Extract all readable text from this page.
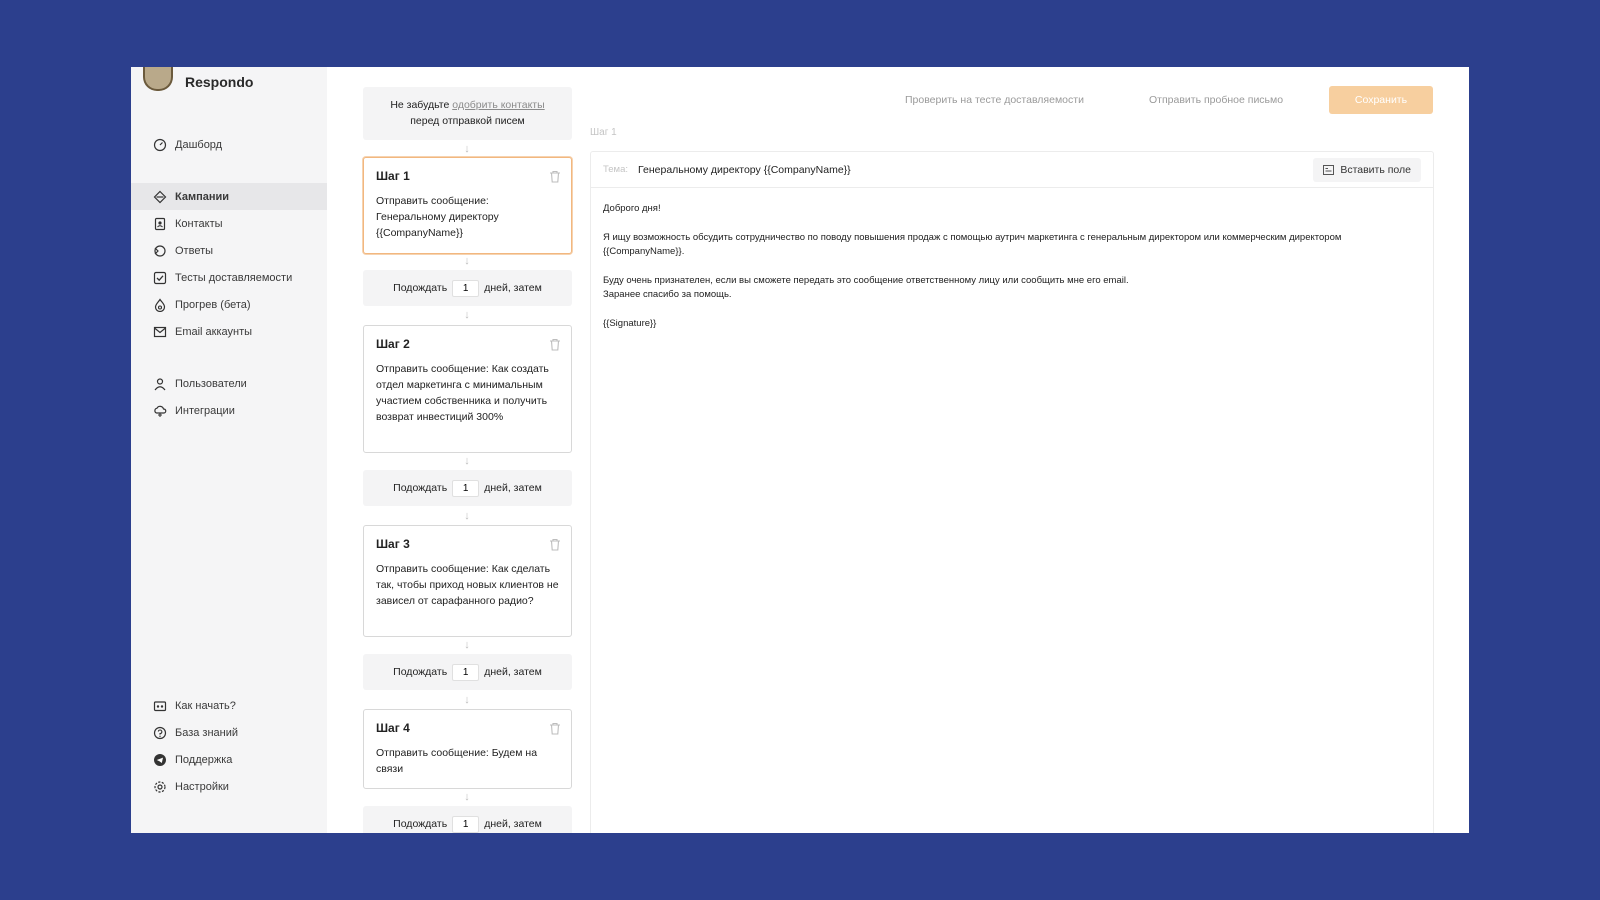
Respondo
Дашборд
Кампании
Контакты
Ответы
Тесты доставляемости
Прогрев (бета)
Email аккаунты
Пользователи
Интеграции
Как начать?
База знаний
Поддержка
Настройки
Не забудьте одобрить контакты
перед отправкой писем
↓
Шаг 1
Отправить сообщение: Генеральному директору {{CompanyName}}
↓
Подождать
1	дней, затем
↓
Шаг 2
Отправить сообщение: Как создать отдел маркетинга с минимальным участием собственника и получить возврат инвестиций 300%
↓
Подождать
1	дней, затем
↓
Шаг 3
Отправить сообщение: Как сделать так, чтобы приход новых клиентов не зависел от сарафанного радио?
↓
Подождать
1	дней, затем
↓
Шаг 4
Отправить сообщение: Будем на связи
↓
Подождать
1	дней, затем
Проверить на тесте доставляемости	Отправить пробное письмо	Сохранить
Шаг 1
Тема: Генеральному директору {{CompanyName}}	Вставить поле

Доброго дня!

Я ищу возможность обсудить сотрудничество по поводу повышения продаж с помощью аутрич маркетинга с генеральным директором или коммерческим директором
{{CompanyName}}.

Буду очень признателен, если вы сможете передать это сообщение ответственному лицу или сообщить мне его email.
Заранее спасибо за помощь.

{{Signature}}
